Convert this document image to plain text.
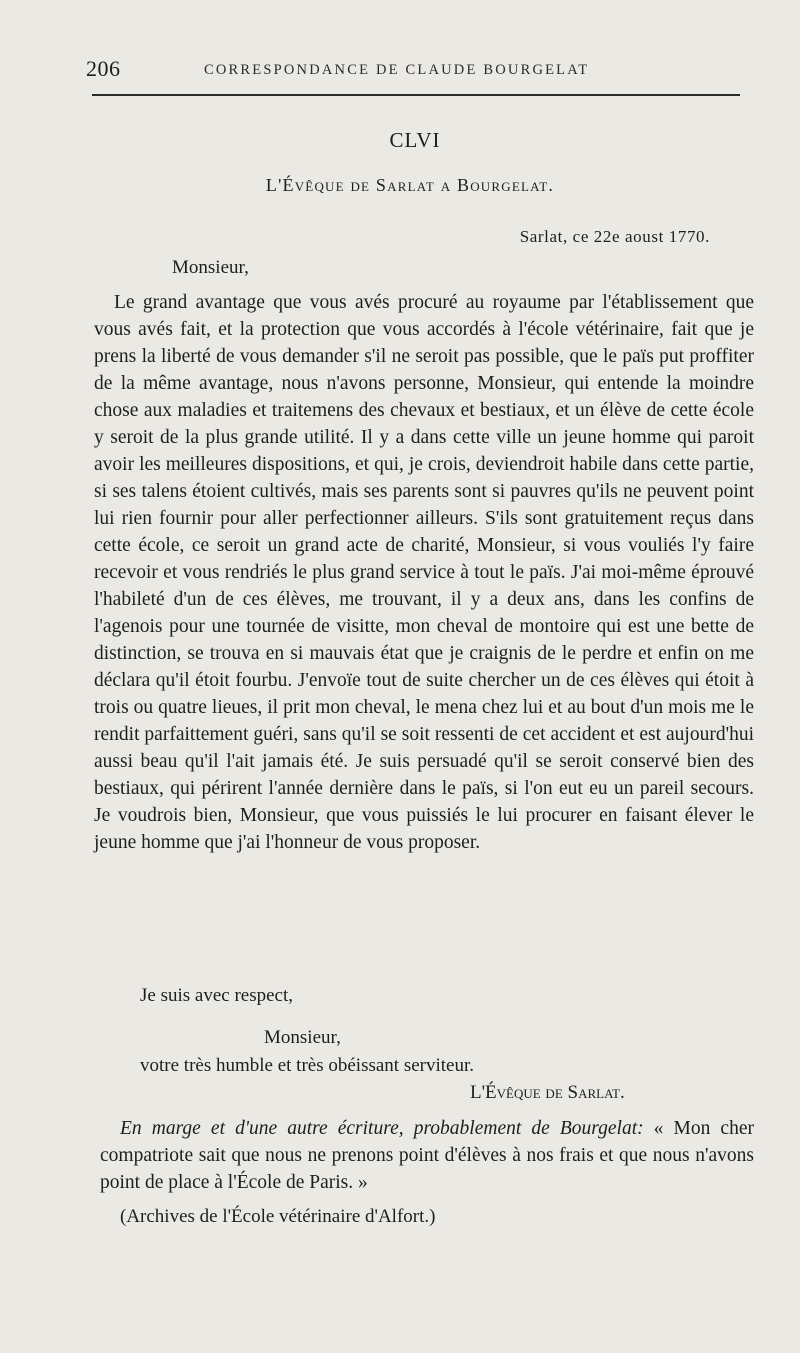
206	CORRESPONDANCE DE CLAUDE BOURGELAT
CLVI
L'Évêque de Sarlat a Bourgelat.
Sarlat, ce 22e aoust 1770.
Monsieur,
Le grand avantage que vous avés procuré au royaume par l'établissement que vous avés fait, et la protection que vous accordés à l'école vétérinaire, fait que je prens la liberté de vous demander s'il ne seroit pas possible, que le païs put proffiter de la même avantage, nous n'avons personne, Monsieur, qui entende la moindre chose aux maladies et traitemens des chevaux et bestiaux, et un élève de cette école y seroit de la plus grande utilité. Il y a dans cette ville un jeune homme qui paroit avoir les meilleures dispositions, et qui, je crois, deviendroit habile dans cette partie, si ses talens étoient cultivés, mais ses parents sont si pauvres qu'ils ne peuvent point lui rien fournir pour aller perfectionner ailleurs. S'ils sont gratuitement reçus dans cette école, ce seroit un grand acte de charité, Monsieur, si vous vouliés l'y faire recevoir et vous rendriés le plus grand service à tout le païs. J'ai moi-même éprouvé l'habileté d'un de ces élèves, me trouvant, il y a deux ans, dans les confins de l'agenois pour une tournée de visitte, mon cheval de montoire qui est une bette de distinction, se trouva en si mauvais état que je craignis de le perdre et enfin on me déclara qu'il étoit fourbu. J'envoïe tout de suite chercher un de ces élèves qui étoit à trois ou quatre lieues, il prit mon cheval, le mena chez lui et au bout d'un mois me le rendit parfaittement guéri, sans qu'il se soit ressenti de cet accident et est aujourd'hui aussi beau qu'il l'ait jamais été. Je suis persuadé qu'il se seroit conservé bien des bestiaux, qui périrent l'année dernière dans le païs, si l'on eut eu un pareil secours. Je voudrois bien, Monsieur, que vous puissiés le lui procurer en faisant élever le jeune homme que j'ai l'honneur de vous proposer.
Je suis avec respect,
Monsieur,
votre très humble et très obéissant serviteur.
L'Évêque de Sarlat.
En marge et d'une autre écriture, probablement de Bourgelat: « Mon cher compatriote sait que nous ne prenons point d'élèves à nos frais et que nous n'avons point de place à l'École de Paris. »
(Archives de l'École vétérinaire d'Alfort.)
